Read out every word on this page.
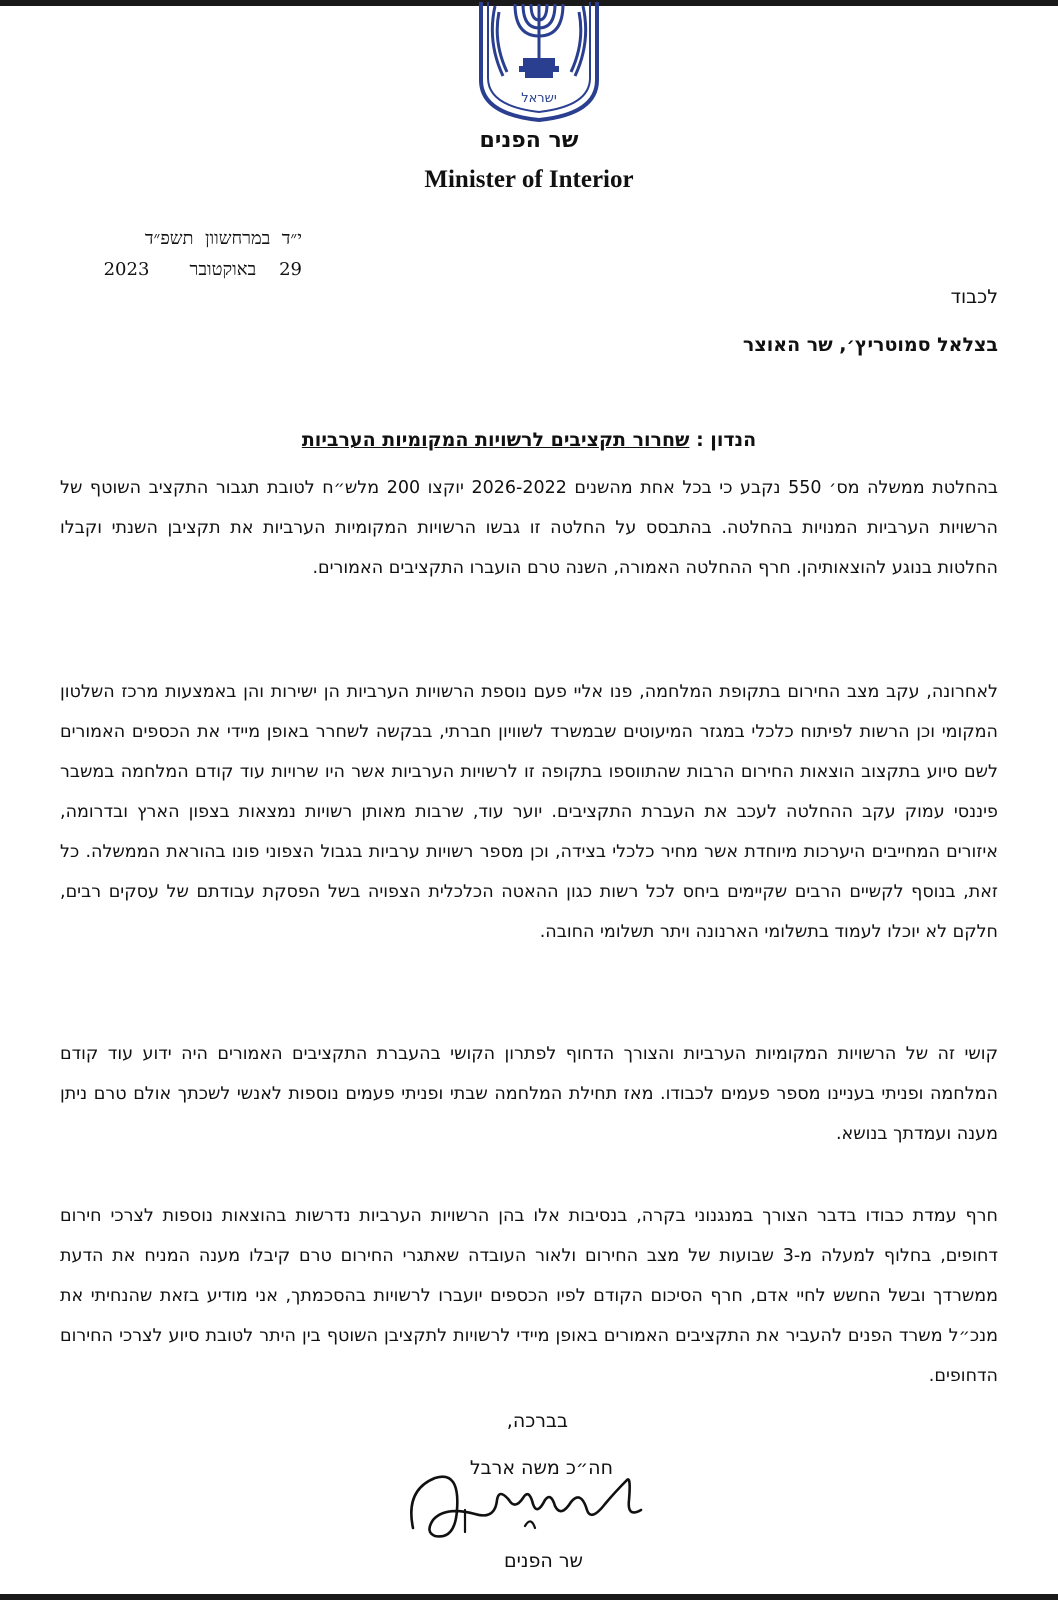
ישראל
שר הפנים
Minister of Interior
י״ד  במרחשוון  תשפ״ד
29    באוקטובר       2023
לכבוד
בצלאל סמוטריץ׳, שר האוצר
הנדון : שחרור תקציבים לרשויות המקומיות הערביות
בהחלטת ממשלה מס׳ 550 נקבע כי בכל אחת מהשנים 2026-2022 יוקצו 200 מלש״ח לטובת תגבור התקציב השוטף של הרשויות הערביות המנויות בהחלטה. בהתבסס על החלטה זו גבשו הרשויות המקומיות הערביות את תקציבן השנתי וקבלו החלטות בנוגע להוצאותיהן. חרף ההחלטה האמורה, השנה טרם הועברו התקציבים האמורים.
לאחרונה, עקב מצב החירום בתקופת המלחמה, פנו אליי פעם נוספת הרשויות הערביות הן ישירות והן באמצעות מרכז השלטון המקומי וכן הרשות לפיתוח כלכלי במגזר המיעוטים שבמשרד לשוויון חברתי, בבקשה לשחרר באופן מיידי את הכספים האמורים לשם סיוע בתקצוב הוצאות החירום הרבות שהתווספו בתקופה זו לרשויות הערביות אשר היו שרויות עוד קודם המלחמה במשבר פיננסי עמוק עקב ההחלטה לעכב את העברת התקציבים. יוער עוד, שרבות מאותן רשויות נמצאות בצפון הארץ ובדרומה, איזורים המחייבים היערכות מיוחדת אשר מחיר כלכלי בצידה, וכן מספר רשויות ערביות בגבול הצפוני פונו בהוראת הממשלה. כל זאת, בנוסף לקשיים הרבים שקיימים ביחס לכל רשות כגון ההאטה הכלכלית הצפויה בשל הפסקת עבודתם של עסקים רבים, חלקם לא יוכלו לעמוד בתשלומי הארנונה ויתר תשלומי החובה.
קושי זה של הרשויות המקומיות הערביות והצורך הדחוף לפתרון הקושי בהעברת התקציבים האמורים היה ידוע עוד קודם המלחמה ופניתי בעניינו מספר פעמים לכבודו. מאז תחילת המלחמה שבתי ופניתי פעמים נוספות לאנשי לשכתך אולם טרם ניתן מענה ועמדתך בנושא.
חרף עמדת כבודו בדבר הצורך במנגנוני בקרה, בנסיבות אלו בהן הרשויות הערביות נדרשות בהוצאות נוספות לצרכי חירום דחופים, בחלוף למעלה מ-3 שבועות של מצב החירום ולאור העובדה שאתגרי החירום טרם קיבלו מענה המניח את הדעת ממשרדך ובשל החשש לחיי אדם, חרף הסיכום הקודם לפיו הכספים יועברו לרשויות בהסכמתך, אני מודיע בזאת שהנחיתי את מנכ״ל משרד הפנים להעביר את התקציבים האמורים באופן מיידי לרשויות לתקציבן השוטף בין היתר לטובת סיוע לצרכי החירום הדחופים.
בברכה,
חה״כ משה ארבל
שר הפנים
